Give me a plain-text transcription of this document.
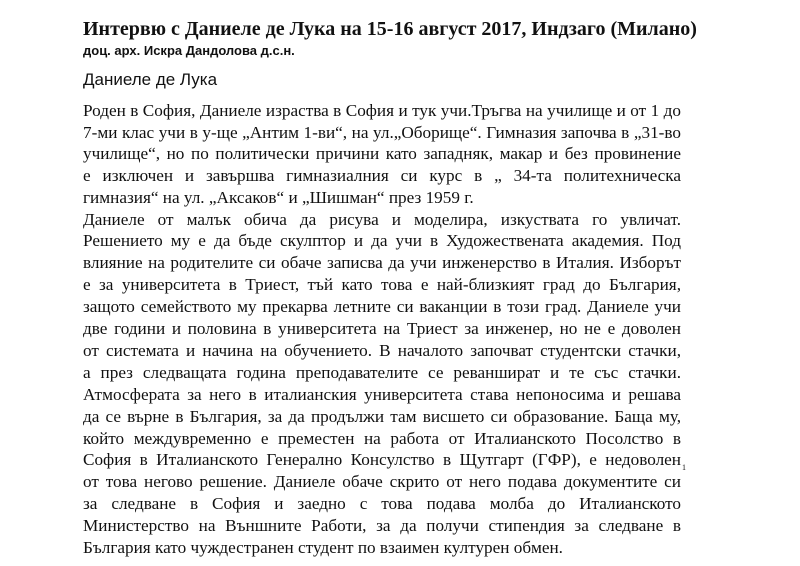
Интервю с Даниеле де Лука на 15-16 август 2017, Индзаго (Милано)
доц. арх. Искра Дандолова д.с.н.
Даниеле де Лука

Роден в София, Даниеле израства в София и тук учи.Тръгва на училище и от 1 до
7-ми клас учи в у-ще „Антим 1-ви“, на ул.„Оборище“. Гимназия започва в „31-во
училище“, но по политически причини като западняк, макар и без провинение
е изключен и завършва гимназиалния си курс в „ 34-та политехническа
гимназия“ на ул. „Аксаков“ и „Шишман“ през 1959 г.

Даниеле от малък обича да рисува и моделира, изкуствата го увличат.
Решението му е да бъде скулптор и да учи в Художествената академия. Под
влияние на родителите си обаче записва да учи инженерство в Италия. Изборът
е за университета в Триест, тъй като това е най-близкият град до България,
защото семейството му прекарва летните си ваканции в този град. Даниеле учи
две години и половина в университета на Триест за инженер, но не е доволен
от системата и начина на обучението. В началото започват студентски стачки,
а през следващата година преподавателите се реваншират и те със стачки.
Атмосферата за него в италианския университета става непоносима и решава
да се върне в България, за да продължи там висшето си образование. Баща му,
който междувременно е преместен на работа от Италианското Посолство в
София в Италианското Генерално Консулство в Щутгарт (ГФР), е недоволен
от това негово решение. Даниеле обаче скрито от него подава документите си
за следване в София и заедно с това подава молба до Италианското
Министерство на Външните Работи, за да получи стипендия за следване в
България като чуждестранен студент по взаимен културен обмен.

1
